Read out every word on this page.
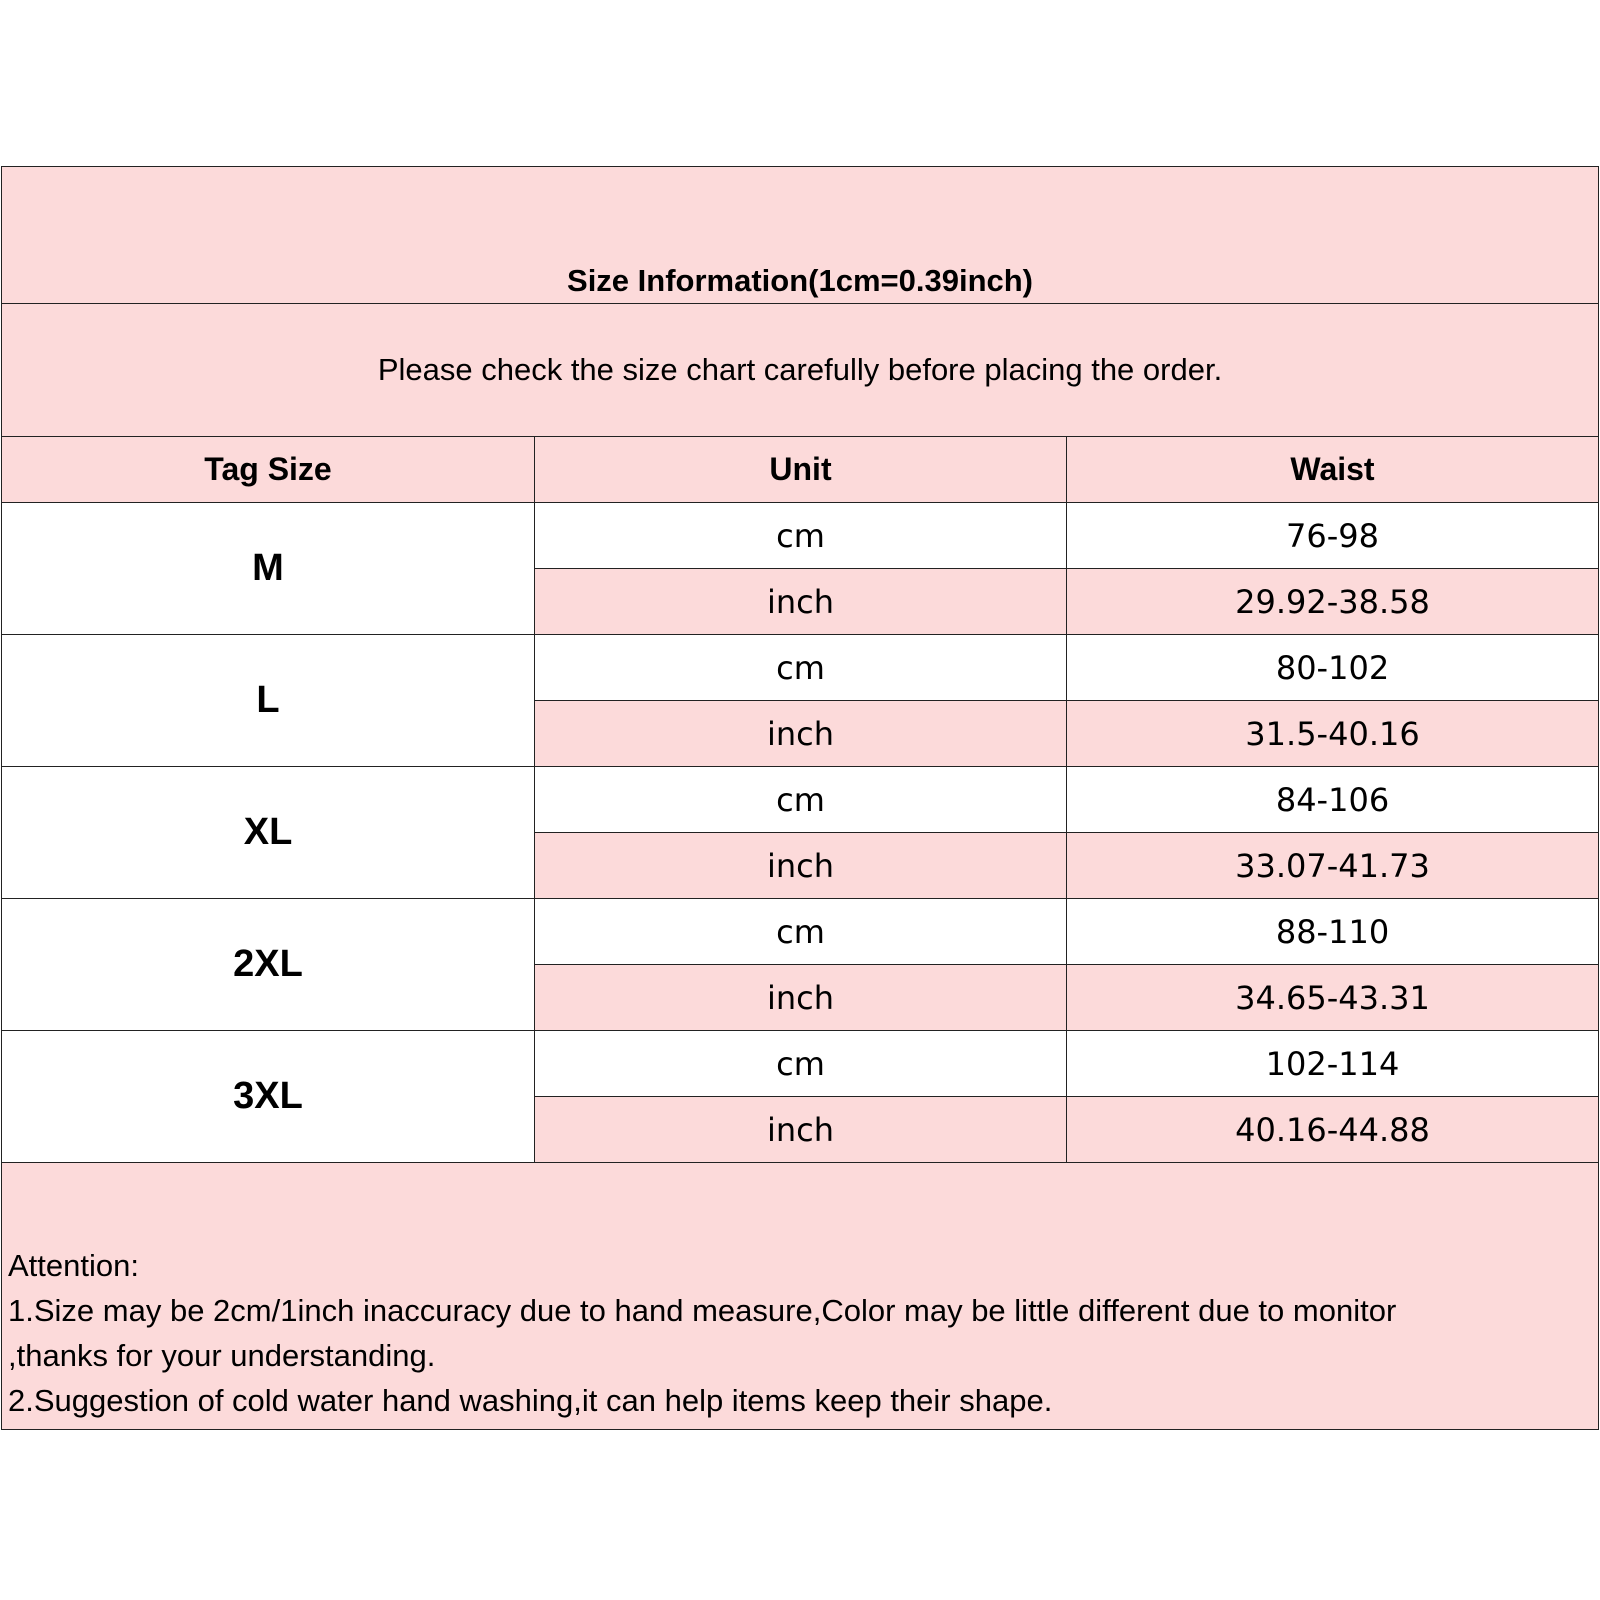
Size Information(1cm=0.39inch)		
Please check the size chart carefully before placing the order.		
Tag Size	Unit	Waist
M	cm	76-98
	inch	29.92-38.58
L	cm	80-102
	inch	31.5-40.16
XL	cm	84-106
	inch	33.07-41.73
2XL	cm	88-110
	inch	34.65-43.31
3XL	cm	102-114
	inch	40.16-44.88

Attention:
1.Size may be 2cm/1inch inaccuracy due to hand measure,Color may be little different due to monitor
,thanks for your understanding.
2.Suggestion of cold water hand washing,it can help items keep their shape.		
